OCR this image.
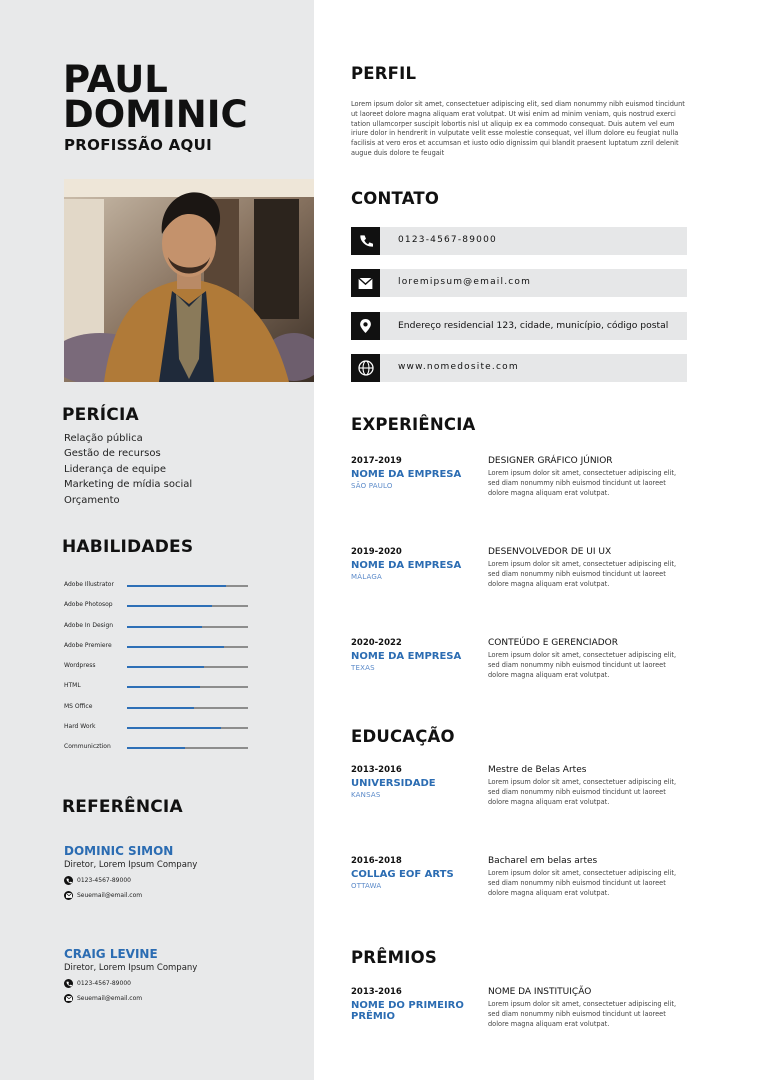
PAUL
DOMINIC
PROFISSÃO AQUI
PERÍCIA
Relação pública
Gestão de recursos
Liderança de equipe
Marketing de mídia social
Orçamento
HABILIDADES
Adobe Illustrator
Adobe Photosop
Adobe In Design
Adobe Premiere
Wordpress
HTML
MS Office
Hard Work
Communicztion
REFERÊNCIA
DOMINIC SIMON
Diretor, Lorem Ipsum Company
0123-4567-89000
Seuemail@email.com
CRAIG LEVINE
Diretor, Lorem Ipsum Company
0123-4567-89000
Seuemail@email.com
PERFIL
Lorem ipsum dolor sit amet, consectetuer adipiscing elit, sed diam nonummy nibh euismod tincidunt ut laoreet dolore magna aliquam erat volutpat. Ut wisi enim ad minim veniam, quis nostrud exerci tation ullamcorper suscipit lobortis nisl ut aliquip ex ea commodo consequat. Duis autem vel eum iriure dolor in hendrerit in vulputate velit esse molestie consequat, vel illum dolore eu feugiat nulla facilisis at vero eros et accumsan et iusto odio dignissim qui blandit praesent luptatum zzril delenit augue duis dolore te feugait
CONTATO
0123-4567-89000
loremipsum@email.com
Endereço residencial 123, cidade, município, código postal
www.nomedosite.com
EXPERIÊNCIA
2017-2019
NOME DA EMPRESA
SÃO PAULO
DESIGNER GRÁFICO JÚNIOR
Lorem ipsum dolor sit amet, consectetuer adipiscing elit, sed diam nonummy nibh euismod tincidunt ut laoreet dolore magna aliquam erat volutpat.
2019-2020
NOME DA EMPRESA
MÁLAGA
DESENVOLVEDOR DE UI UX
Lorem ipsum dolor sit amet, consectetuer adipiscing elit, sed diam nonummy nibh euismod tincidunt ut laoreet dolore magna aliquam erat volutpat.
2020-2022
NOME DA EMPRESA
TEXAS
CONTEÚDO E GERENCIADOR
Lorem ipsum dolor sit amet, consectetuer adipiscing elit, sed diam nonummy nibh euismod tincidunt ut laoreet dolore magna aliquam erat volutpat.
EDUCAÇÃO
2013-2016
UNIVERSIDADE
KANSAS
Mestre de Belas Artes
Lorem ipsum dolor sit amet, consectetuer adipiscing elit, sed diam nonummy nibh euismod tincidunt ut laoreet dolore magna aliquam erat volutpat.
2016-2018
COLLAG EOF ARTS
OTTAWA
Bacharel em belas artes
Lorem ipsum dolor sit amet, consectetuer adipiscing elit, sed diam nonummy nibh euismod tincidunt ut laoreet dolore magna aliquam erat volutpat.
PRÊMIOS
2013-2016
NOME DO PRIMEIRO PRÊMIO
NOME DA INSTITUIÇÃO
Lorem ipsum dolor sit amet, consectetuer adipiscing elit, sed diam nonummy nibh euismod tincidunt ut laoreet dolore magna aliquam erat volutpat.
